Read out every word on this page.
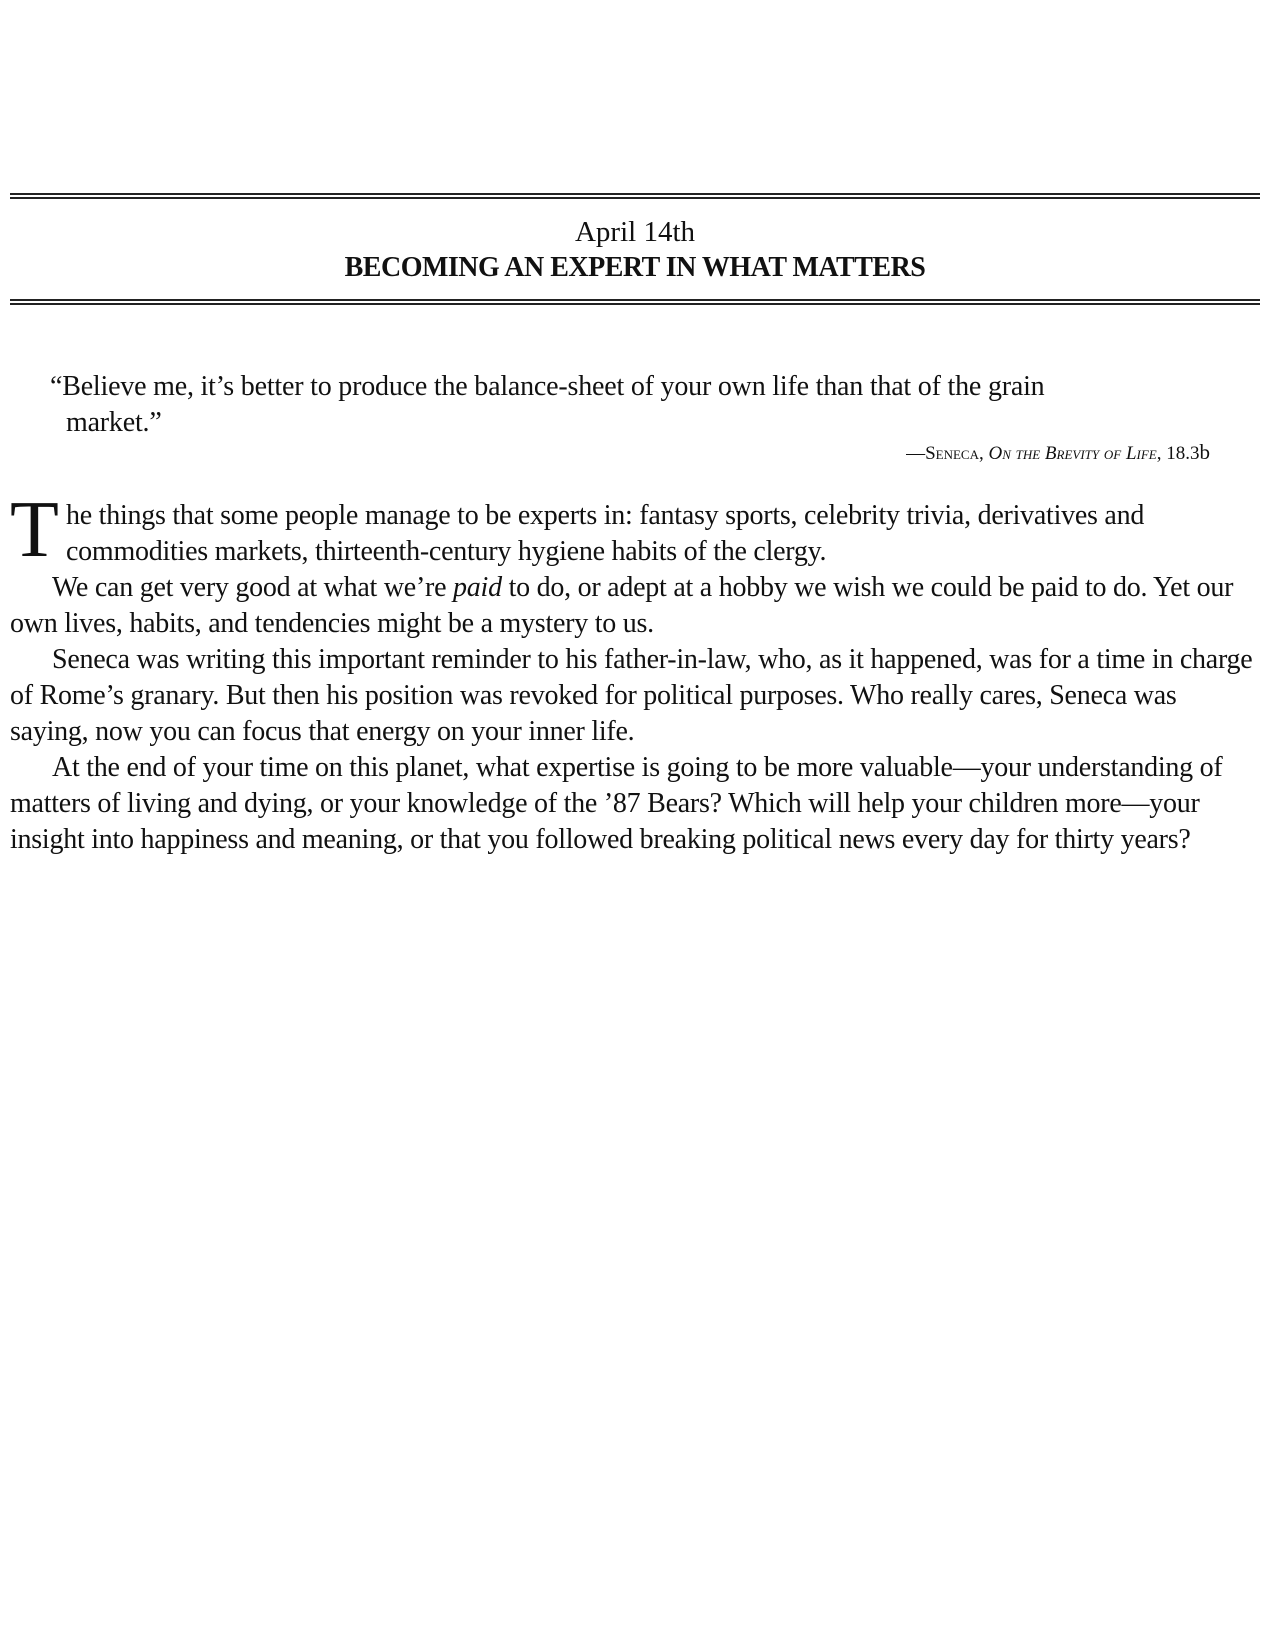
April 14th
BECOMING AN EXPERT IN WHAT MATTERS
“Believe me, it’s better to produce the balance-sheet of your own life than that of the grain
market.”
—Seneca, On the Brevity of Life, 18.3b
T he things that some people manage to be experts in: fantasy sports, celebrity trivia, derivatives and commodities markets, thirteenth-century hygiene habits of the clergy.

We can get very good at what we’re paid to do, or adept at a hobby we wish we could be paid to do. Yet our own lives, habits, and tendencies might be a mystery to us.

Seneca was writing this important reminder to his father-in-law, who, as it happened, was for a time in charge of Rome’s granary. But then his position was revoked for political purposes. Who really cares, Seneca was saying, now you can focus that energy on your inner life.

At the end of your time on this planet, what expertise is going to be more valuable—your understanding of matters of living and dying, or your knowledge of the ’87 Bears? Which will help your children more—your insight into happiness and meaning, or that you followed breaking political news every day for thirty years?
